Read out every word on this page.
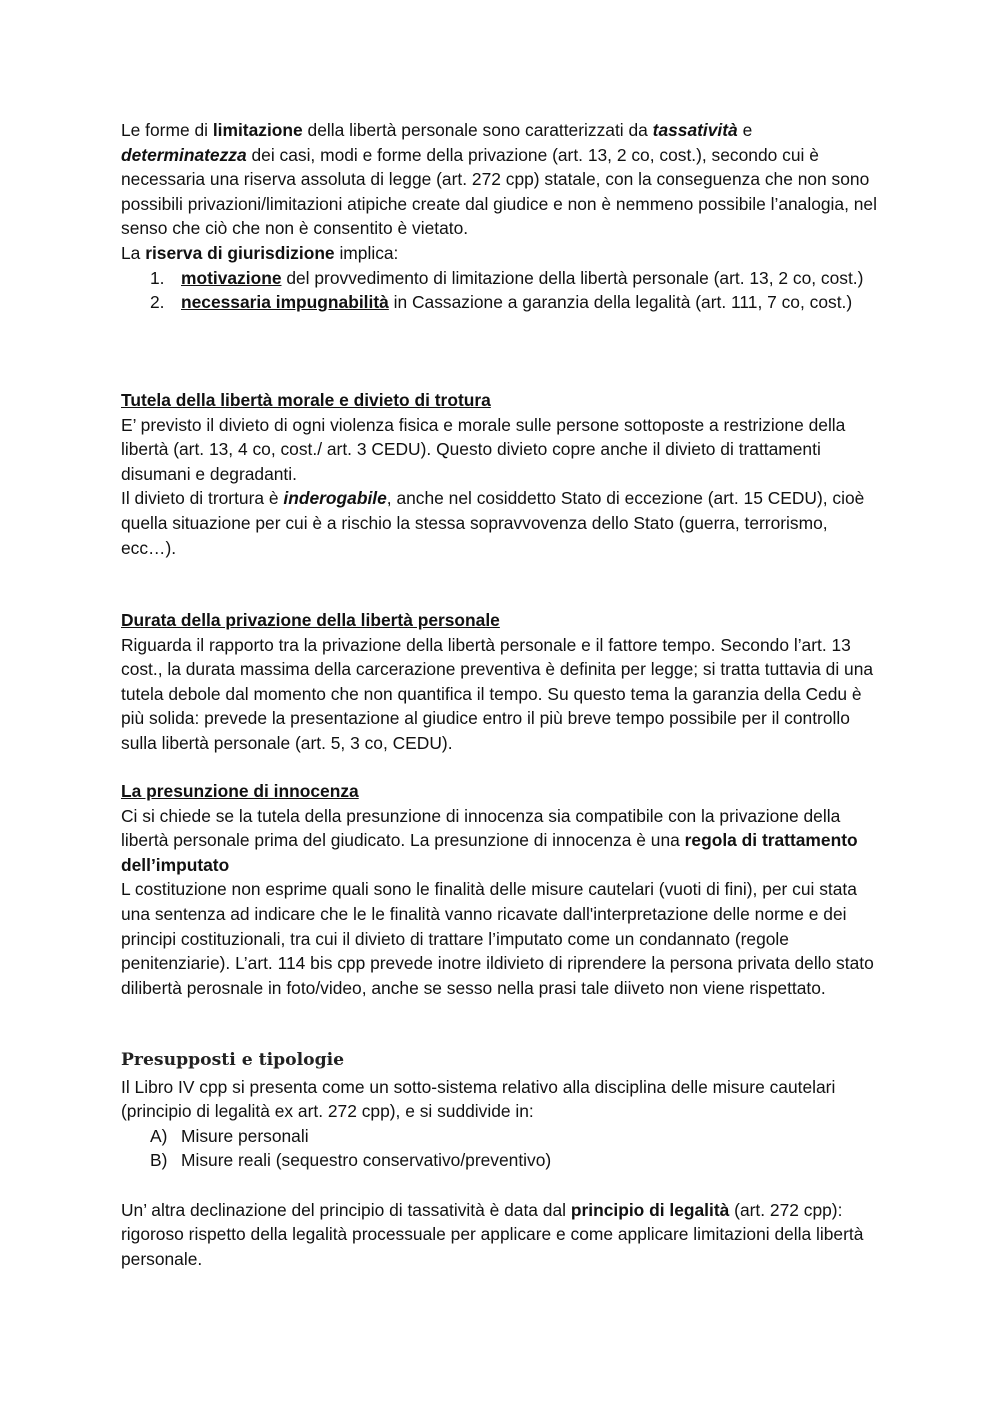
Le forme di limitazione della libertà personale sono caratterizzati da tassatività e determinatezza dei casi, modi e forme della privazione (art. 13, 2 co, cost.), secondo cui è necessaria una riserva assoluta di legge (art. 272 cpp) statale, con la conseguenza che non sono possibili privazioni/limitazioni atipiche create dal giudice e non è nemmeno possibile l’analogia, nel senso che ciò che non è consentito è vietato.

La riserva di giurisdizione implica:

1. motivazione del provvedimento di limitazione della libertà personale (art. 13, 2 co, cost.)
2. necessaria impugnabilità in Cassazione a garanzia della legalità (art. 111, 7 co, cost.)

Tutela della libertà morale e divieto di trotura

E’ previsto il divieto di ogni violenza fisica e morale sulle persone sottoposte a restrizione della libertà (art. 13, 4 co, cost./ art. 3 CEDU). Questo divieto copre anche il divieto di trattamenti disumani e degradanti.

Il divieto di trortura è inderogabile, anche nel cosiddetto Stato di eccezione (art. 15 CEDU), cioè quella situazione per cui è a rischio la stessa sopravvovenza dello Stato (guerra, terrorismo, ecc…).

Durata della privazione della libertà personale

Riguarda il rapporto tra la privazione della libertà personale e il fattore tempo. Secondo l’art. 13 cost., la durata massima della carcerazione preventiva è definita per legge; si tratta tuttavia di una tutela debole dal momento che non quantifica il tempo. Su questo tema la garanzia della Cedu è più solida: prevede la presentazione al giudice entro il più breve tempo possibile per il controllo sulla libertà personale (art. 5, 3 co, CEDU).

La presunzione di innocenza

Ci si chiede se la tutela della presunzione di innocenza sia compatibile con la privazione della libertà personale prima del giudicato. La presunzione di innocenza è una regola di trattamento dell’imputato

L costituzione non esprime quali sono le finalità delle misure cautelari (vuoti di fini), per cui stata una sentenza ad indicare che le le finalità vanno ricavate dall'interpretazione delle norme e dei principi costituzionali, tra cui il divieto di trattare l’imputato come un condannato (regole penitenziarie). L’art. 114 bis cpp prevede inotre ildivieto di riprendere la persona privata dello stato dilibertà perosnale in foto/video, anche se sesso nella prasi tale diiveto non viene rispettato.

Presupposti e tipologie

Il Libro IV cpp si presenta come un sotto-sistema relativo alla disciplina delle misure cautelari (principio di legalità ex art. 272 cpp), e si suddivide in:

A) Misure personali
B) Misure reali (sequestro conservativo/preventivo)

Un’ altra declinazione del principio di tassatività è data dal principio di legalità (art. 272 cpp): rigoroso rispetto della legalità processuale per applicare e come applicare limitazioni della libertà personale.
